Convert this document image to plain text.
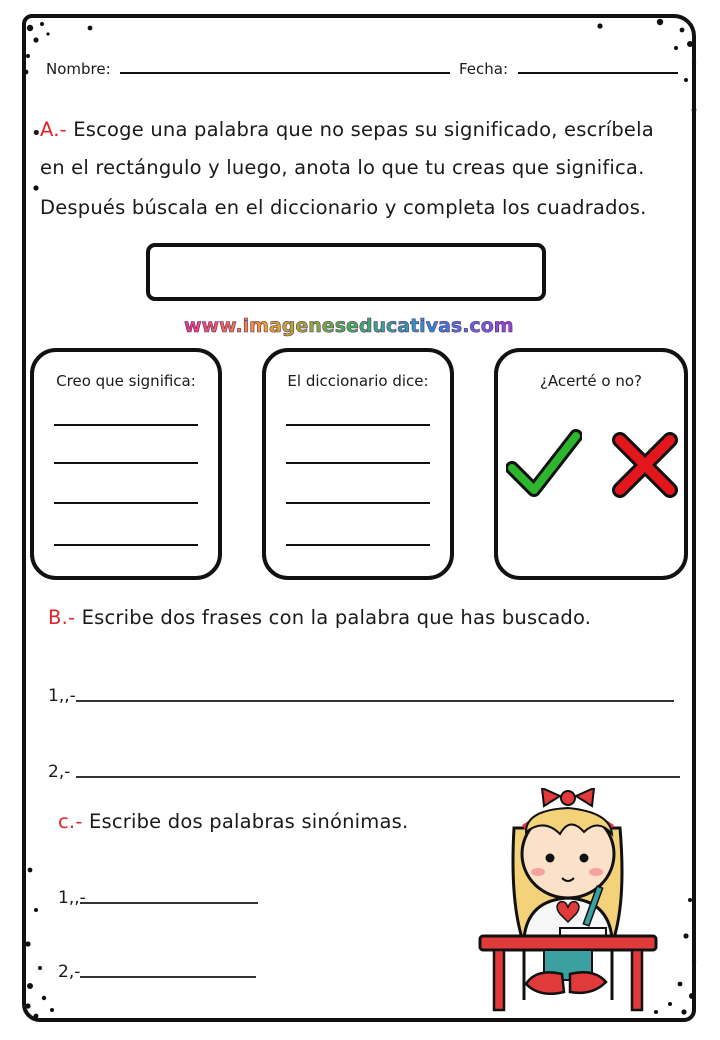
Nombre:	Fecha:
•
A.- Escoge una palabra que no sepas su significado, escríbela
en el rectángulo y luego, anota lo que tu creas que significa.
Después búscala en el diccionario y completa los cuadrados.
www.imageneseducativas.com
Creo que significa:	El diccionario dice:	¿Acerté o no?
B.- Escribe dos frases con la palabra que has buscado.
1,,-
2,-
c.- Escribe dos palabras sinónimas.
1,,-
2,-
